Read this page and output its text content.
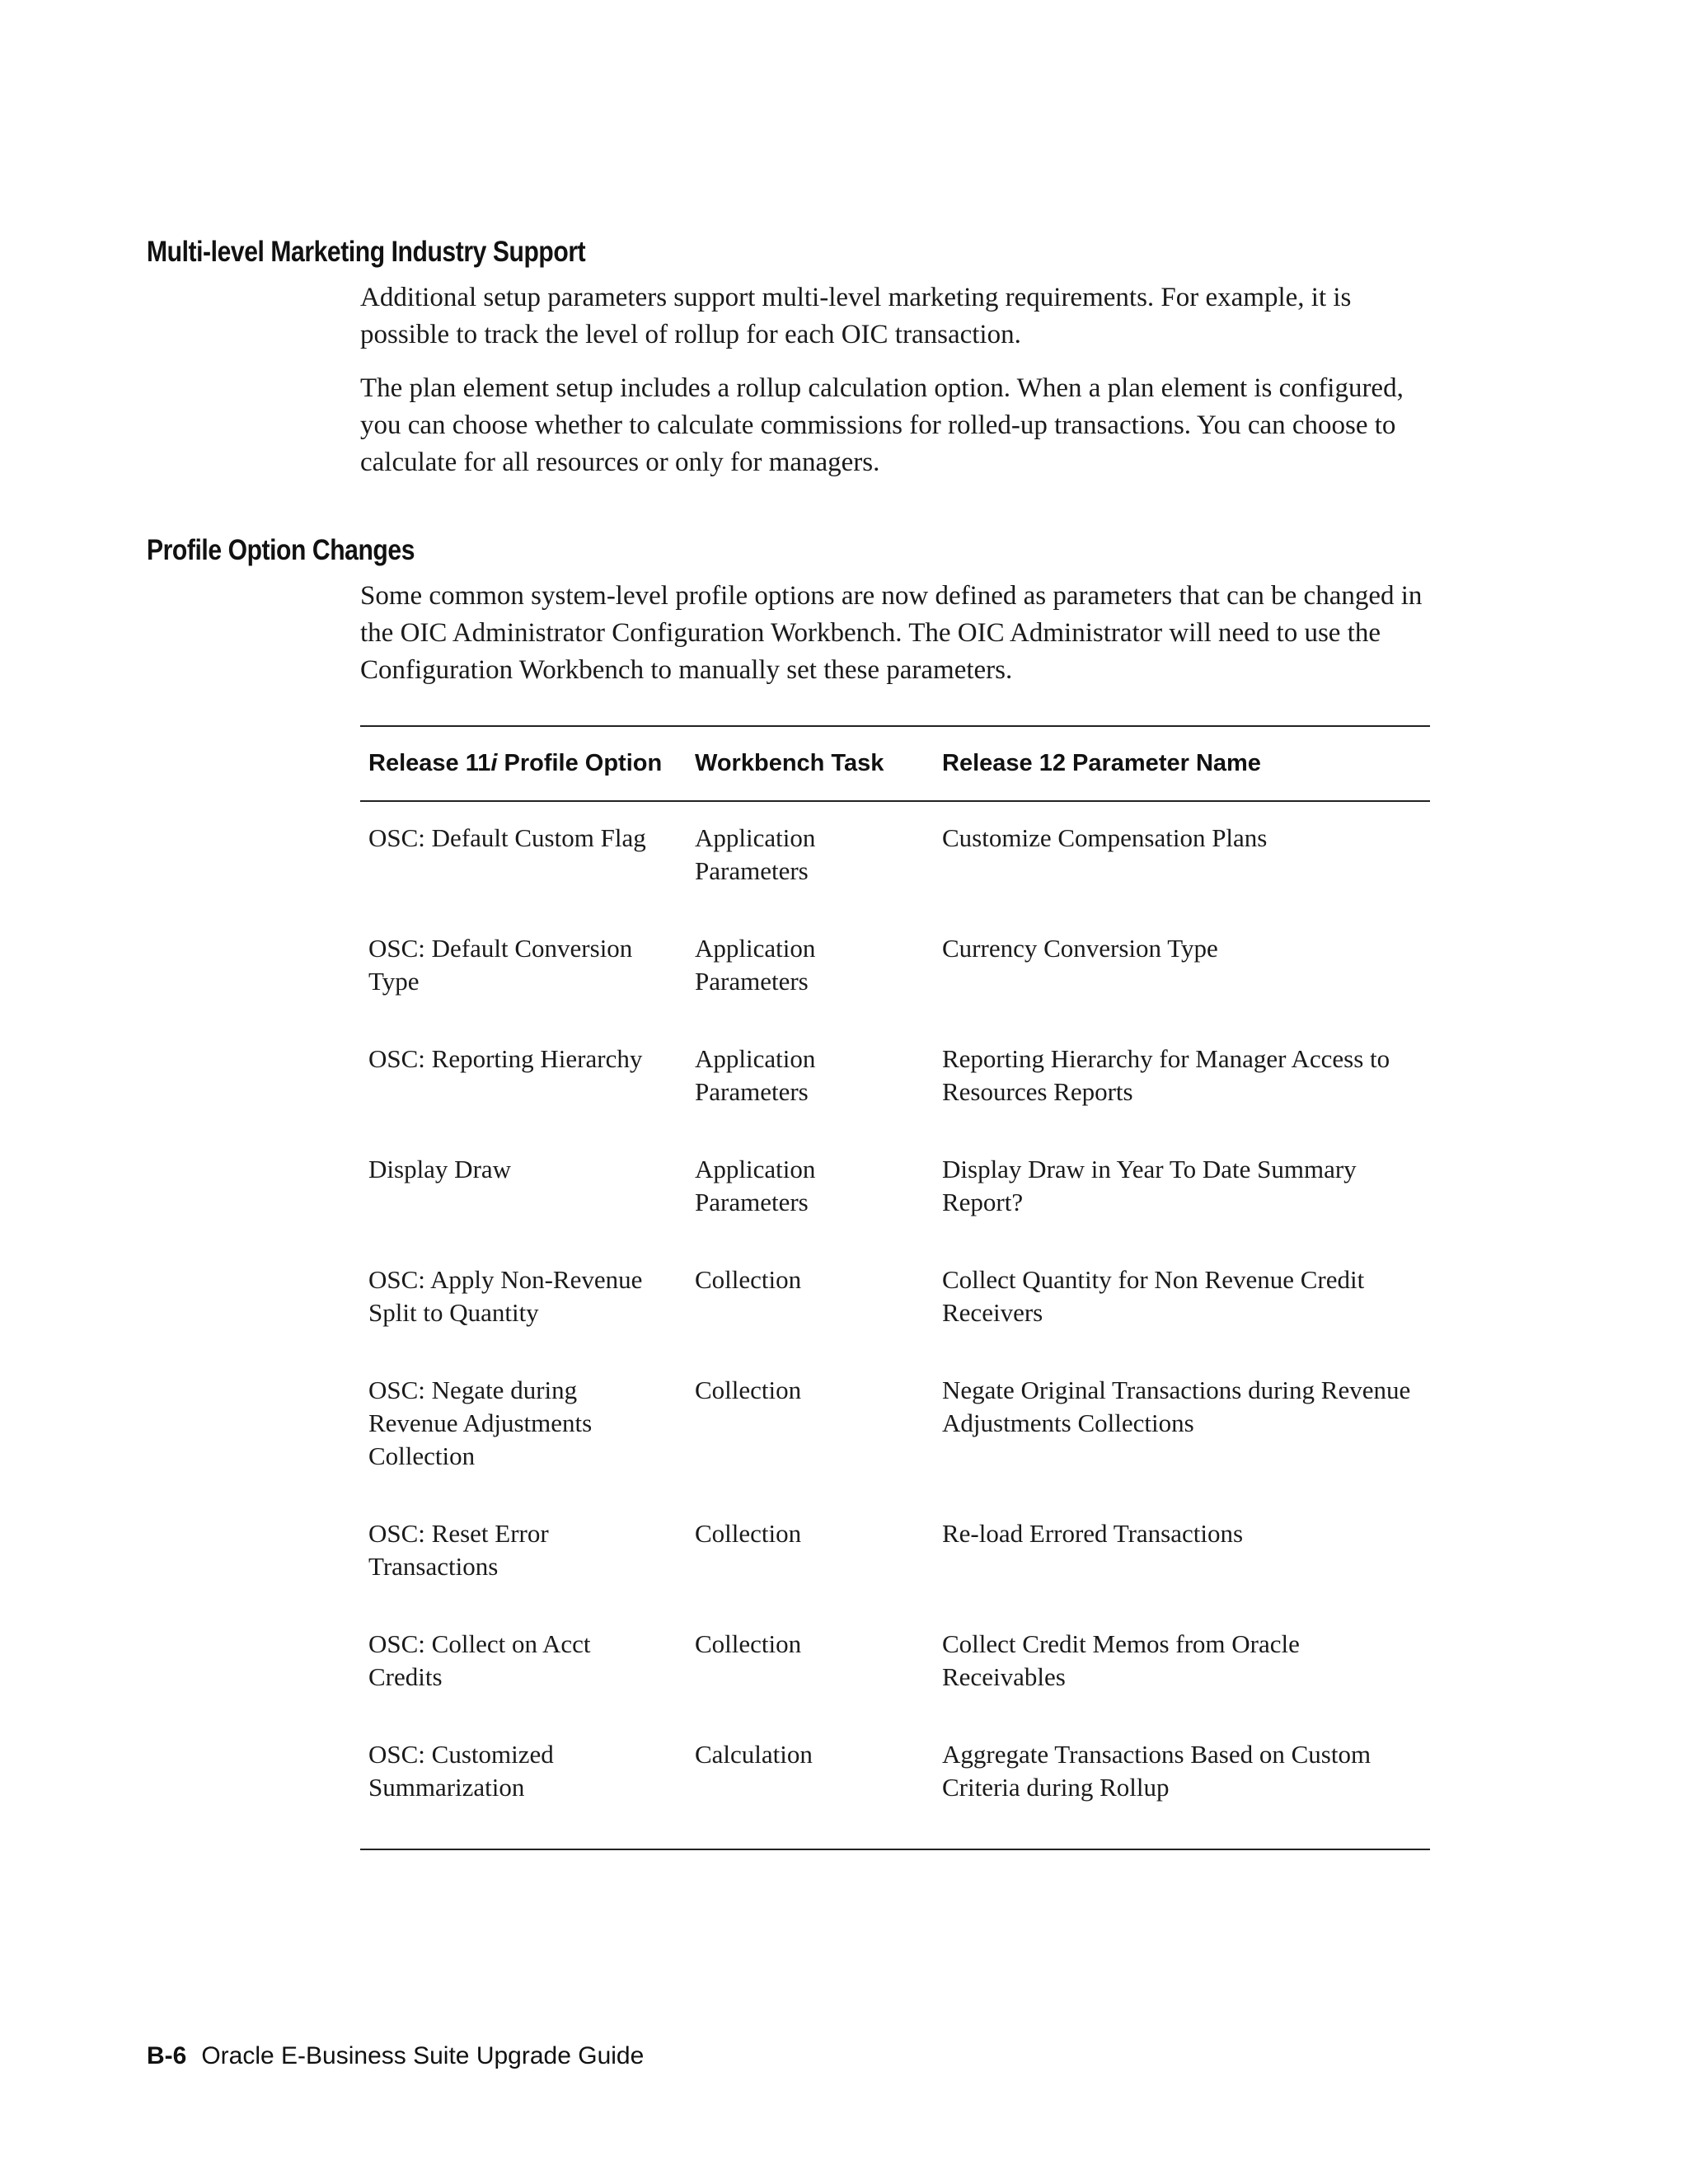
Multi-level Marketing Industry Support

Additional setup parameters support multi-level marketing requirements. For example, it is possible to track the level of rollup for each OIC transaction.

The plan element setup includes a rollup calculation option. When a plan element is configured, you can choose whether to calculate commissions for rolled-up transactions. You can choose to calculate for all resources or only for managers.

Profile Option Changes

Some common system-level profile options are now defined as parameters that can be changed in the OIC Administrator Configuration Workbench. The OIC Administrator will need to use the Configuration Workbench to manually set these parameters.

Release 11i Profile Option	Workbench Task	Release 12 Parameter Name
OSC: Default Custom Flag	Application Parameters	Customize Compensation Plans
OSC: Default Conversion Type	Application Parameters	Currency Conversion Type
OSC: Reporting Hierarchy	Application Parameters	Reporting Hierarchy for Manager Access to Resources Reports
Display Draw	Application Parameters	Display Draw in Year To Date Summary Report?
OSC: Apply Non-Revenue Split to Quantity	Collection	Collect Quantity for Non Revenue Credit Receivers
OSC: Negate during Revenue Adjustments Collection	Collection	Negate Original Transactions during Revenue Adjustments Collections
OSC: Reset Error Transactions	Collection	Re-load Errored Transactions
OSC: Collect on Acct Credits	Collection	Collect Credit Memos from Oracle Receivables
OSC: Customized Summarization	Calculation	Aggregate Transactions Based on Custom Criteria during Rollup
B-6 Oracle E-Business Suite Upgrade Guide
